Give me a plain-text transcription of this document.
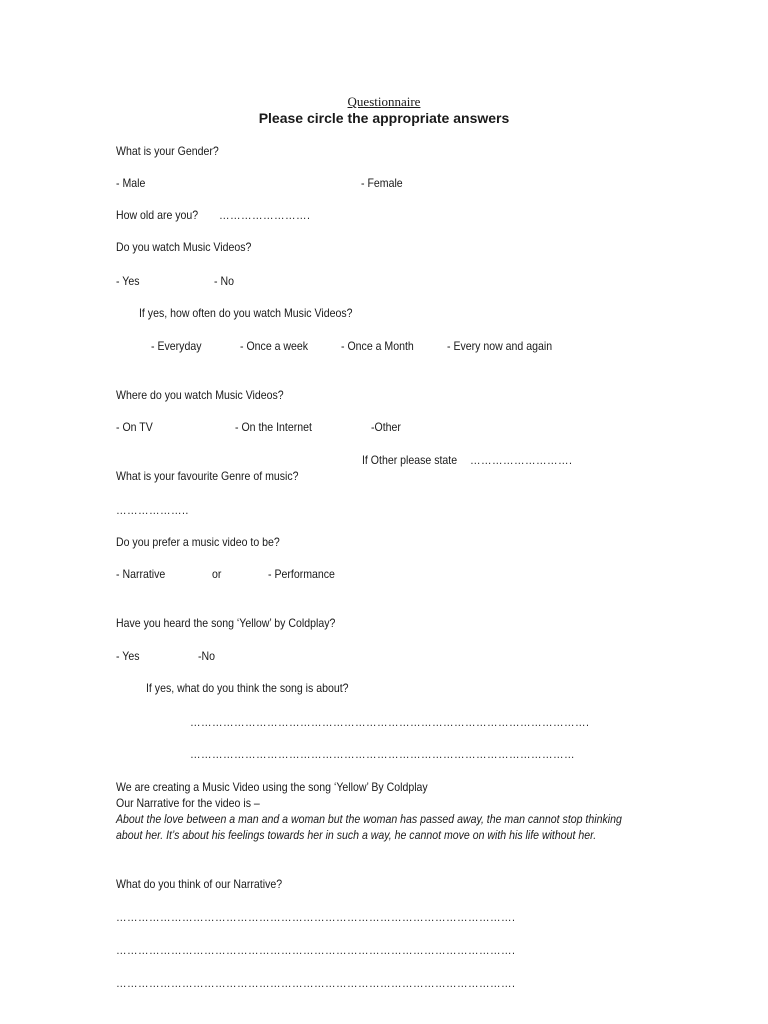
Questionnaire
Please circle the appropriate answers
What is your Gender?
- Male	- Female
How old are you? …………………….
Do you watch Music Videos?
- Yes	- No
If yes, how often do you watch Music Videos?
- Everyday	- Once a week	- Once a Month	- Every now and again
Where do you watch Music Videos?
- On TV	- On the Internet	-Other
If Other please state ……………………….
What is your favourite Genre of music?
………………..
Do you prefer a music video to be?
- Narrative	or	- Performance
Have you heard the song ‘Yellow’ by Coldplay?
- Yes	-No
If yes, what do you think the song is about?
……………………………………………………………………………………………….
……………………………………………………………………………………………
We are creating a Music Video using the song ‘Yellow’ By Coldplay
Our Narrative for the video is –
About the love between a man and a woman but the woman has passed away, the man cannot stop thinking about her. It’s about his feelings towards her in such a way, he cannot move on with his life without her.
What do you think of our Narrative?
……………………………………………………………………………………………….
……………………………………………………………………………………………….
……………………………………………………………………………………………….
